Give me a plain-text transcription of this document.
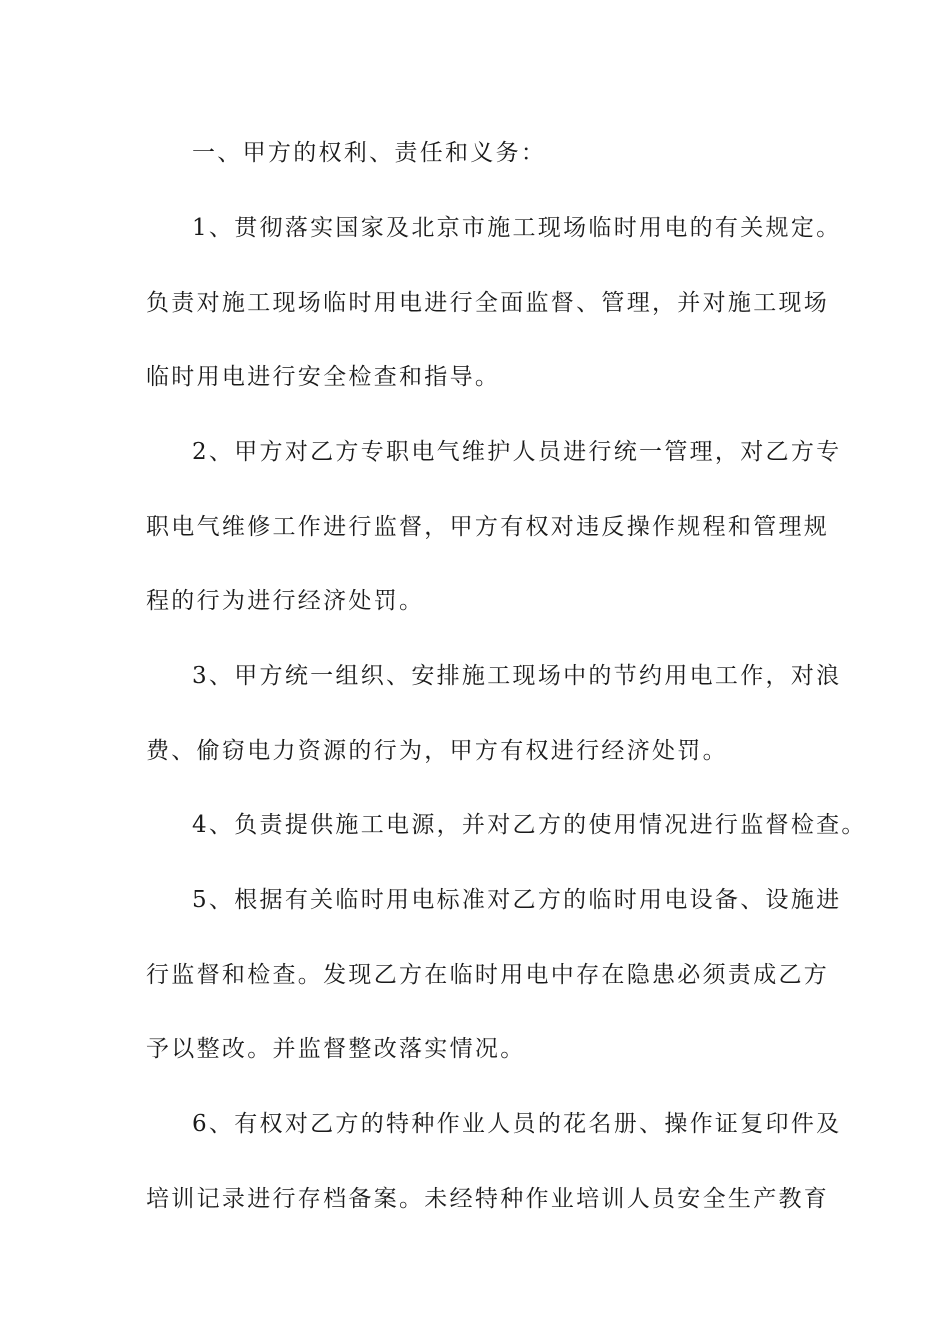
一、甲方的权利、责任和义务：
1、贯彻落实国家及北京市施工现场临时用电的有关规定。
负责对施工现场临时用电进行全面监督、管理，并对施工现场
临时用电进行安全检查和指导。
2、甲方对乙方专职电气维护人员进行统一管理，对乙方专
职电气维修工作进行监督，甲方有权对违反操作规程和管理规
程的行为进行经济处罚。
3、甲方统一组织、安排施工现场中的节约用电工作，对浪
费、偷窃电力资源的行为，甲方有权进行经济处罚。
4、负责提供施工电源，并对乙方的使用情况进行监督检查。
5、根据有关临时用电标准对乙方的临时用电设备、设施进
行监督和检查。发现乙方在临时用电中存在隐患必须责成乙方
予以整改。并监督整改落实情况。
6、有权对乙方的特种作业人员的花名册、操作证复印件及
培训记录进行存档备案。未经特种作业培训人员安全生产教育
